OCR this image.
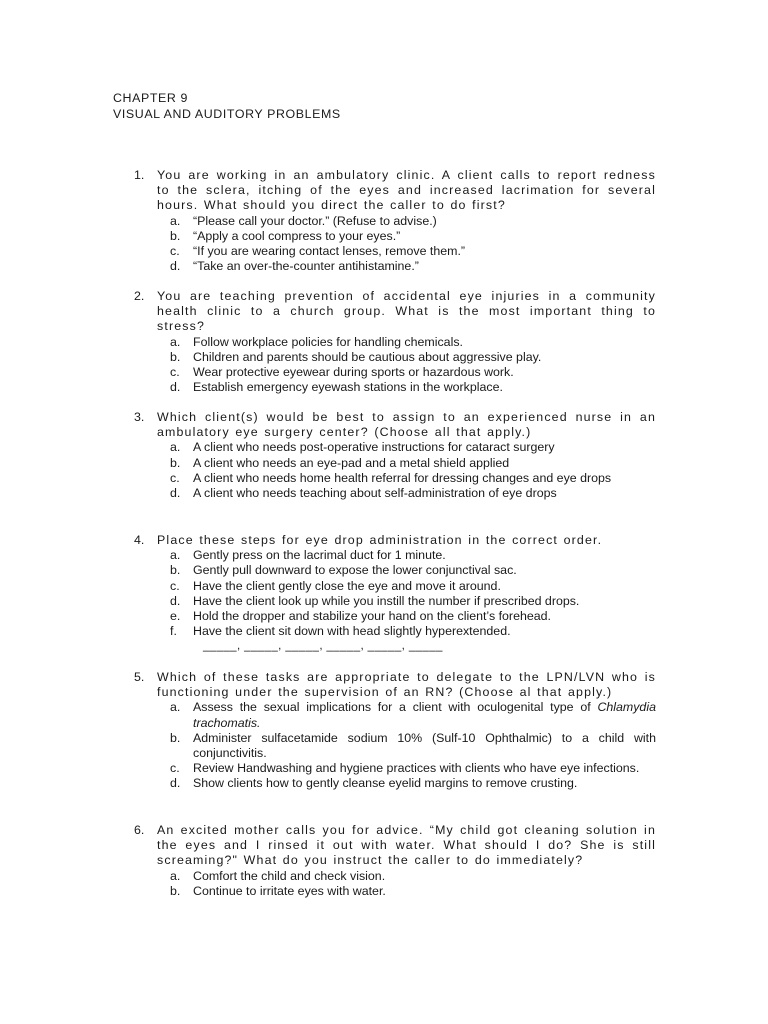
CHAPTER 9
VISUAL AND AUDITORY PROBLEMS
1.	You are working in an ambulatory clinic. A client calls to report redness to the sclera, itching of the eyes and increased lacrimation for several hours. What should you direct the caller to do first?
a. “Please call your doctor.” (Refuse to advise.)
b. “Apply a cool compress to your eyes.”
c. “If you are wearing contact lenses, remove them.”
d. “Take an over-the-counter antihistamine.”
2.	You are teaching prevention of accidental eye injuries in a community health clinic to a church group. What is the most important thing to stress?
a. Follow workplace policies for handling chemicals.
b. Children and parents should be cautious about aggressive play.
c. Wear protective eyewear during sports or hazardous work.
d. Establish emergency eyewash stations in the workplace.
3.	Which client(s) would be best to assign to an experienced nurse in an ambulatory eye surgery center? (Choose all that apply.)
a. A client who needs post-operative instructions for cataract surgery
b. A client who needs an eye-pad and a metal shield applied
c. A client who needs home health referral for dressing changes and eye drops
d. A client who needs teaching about self-administration of eye drops
4.	Place these steps for eye drop administration in the correct order.
a. Gently press on the lacrimal duct for 1 minute.
b. Gently pull downward to expose the lower conjunctival sac.
c. Have the client gently close the eye and move it around.
d. Have the client look up while you instill the number if prescribed drops.
e. Hold the dropper and stabilize your hand on the client’s forehead.
f. Have the client sit down with head slightly hyperextended.
_____, _____, _____, _____, _____, _____
5.	Which of these tasks are appropriate to delegate to the LPN/LVN who is functioning under the supervision of an RN? (Choose al that apply.)
a. Assess the sexual implications for a client with oculogenital type of Chlamydia trachomatis.
b. Administer sulfacetamide sodium 10% (Sulf-10 Ophthalmic) to a child with conjunctivitis.
c. Review Handwashing and hygiene practices with clients who have eye infections.
d. Show clients how to gently cleanse eyelid margins to remove crusting.
6.	An excited mother calls you for advice. “My child got cleaning solution in the eyes and I rinsed it out with water. What should I do? She is still screaming?" What do you instruct the caller to do immediately?
a. Comfort the child and check vision.
b. Continue to irritate eyes with water.
